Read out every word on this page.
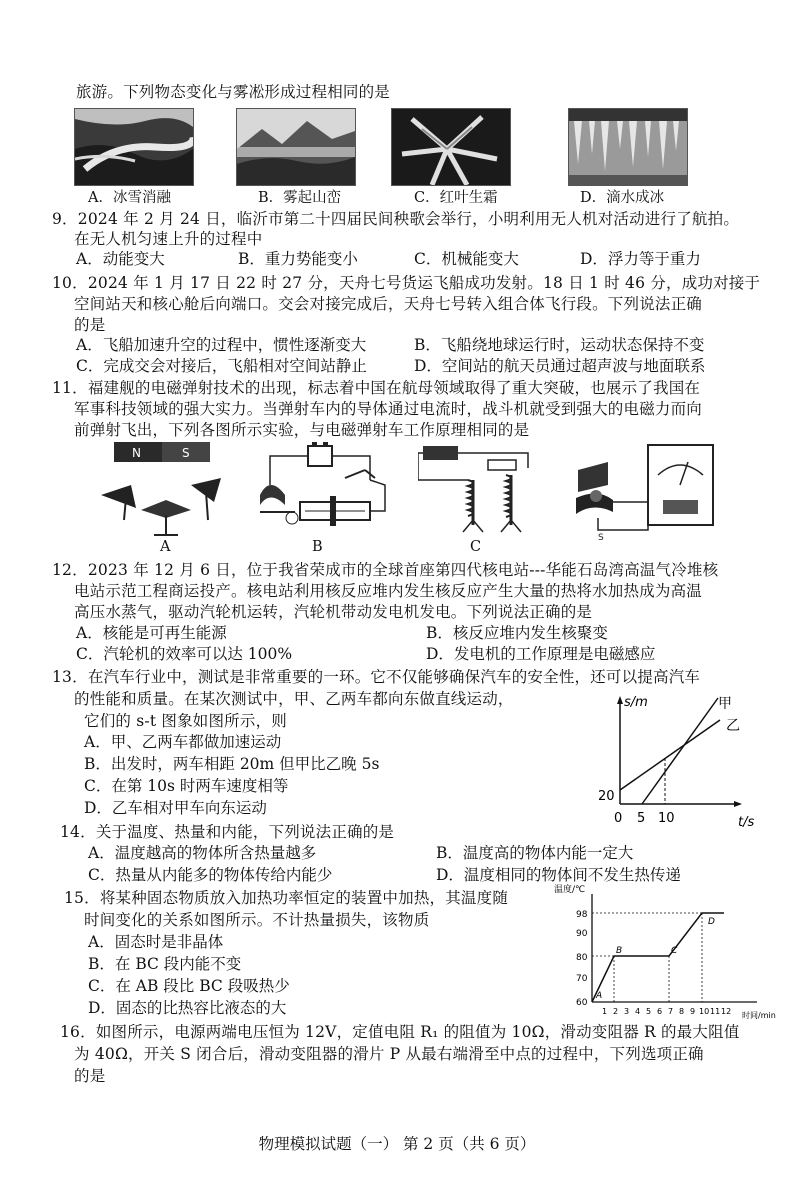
旅游。下列物态变化与雾凇形成过程相同的是
A．冰雪消融	B．雾起山峦	C．红叶生霜	D．滴水成冰
9．2024 年 2 月 24 日，临沂市第二十四届民间秧歌会举行，小明利用无人机对活动进行了航拍。
在无人机匀速上升的过程中
A．动能变大	B．重力势能变小	C．机械能变大	D．浮力等于重力
10．2024 年 1 月 17 日 22 时 27 分，天舟七号货运飞船成功发射。18 日 1 时 46 分，成功对接于
空间站天和核心舱后向端口。交会对接完成后，天舟七号转入组合体飞行段。下列说法正确
的是
A．飞船加速升空的过程中，惯性逐渐变大	B．飞船绕地球运行时，运动状态保持不变
C．完成交会对接后，飞船相对空间站静止	D．空间站的航天员通过超声波与地面联系
11．福建舰的电磁弹射技术的出现，标志着中国在航母领域取得了重大突破，也展示了我国在
军事科技领域的强大实力。当弹射车内的导体通过电流时，战斗机就受到强大的电磁力而向
前弹射飞出，下列各图所示实验，与电磁弹射车工作原理相同的是
N	S
A	B	C
S
12．2023 年 12 月 6 日，位于我省荣成市的全球首座第四代核电站---华能石岛湾高温气冷堆核
电站示范工程商运投产。核电站利用核反应堆内发生核反应产生大量的热将水加热成为高温
高压水蒸气，驱动汽轮机运转，汽轮机带动发电机发电。下列说法正确的是
A．核能是可再生能源	B．核反应堆内发生核聚变
C．汽轮机的效率可以达 100%	D．发电机的工作原理是电磁感应
13．在汽车行业中，测试是非常重要的一环。它不仅能够确保汽车的安全性，还可以提高汽车
的性能和质量。在某次测试中，甲、乙两车都向东做直线运动，
它们的 s-t 图象如图所示，则
A．甲、乙两车都做加速运动
B．出发时，两车相距 20m 但甲比乙晚 5s
C．在第 10s 时两车速度相等
D．乙车相对甲车向东运动
s/m
t/s
0 5 10
20
甲
乙
14．关于温度、热量和内能，下列说法正确的是
A．温度越高的物体所含热量越多	B．温度高的物体内能一定大
C．热量从内能多的物体传给内能少	D．温度相同的物体间不发生热传递
15．将某种固态物质放入加热功率恒定的装置中加热，其温度随
时间变化的关系如图所示。不计热量损失，该物质
A．固态时是非晶体
B．在 BC 段内能不变
C．在 AB 段比 BC 段吸热少
D．固态的比热容比液态的大
温度/℃
时间/min
60
70
80
90
98
1 2 3 4 5 6 7 8 9 10 11 12
A
B	C
D
16．如图所示，电源两端电压恒为 12V，定值电阻 R₁ 的阻值为 10Ω，滑动变阻器 R 的最大阻值
为 40Ω，开关 S 闭合后，滑动变阻器的滑片 P 从最右端滑至中点的过程中，下列选项正确
的是
物理模拟试题（一） 第 2 页（共 6 页）
